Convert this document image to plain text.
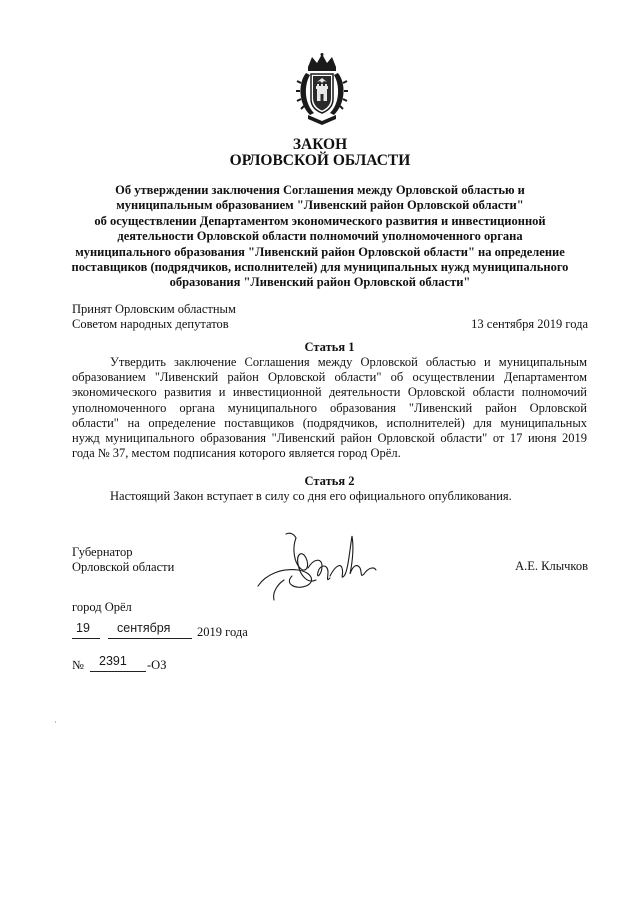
ЗАКОН
ОРЛОВСКОЙ ОБЛАСТИ
Об утверждении заключения Соглашения между Орловской областью и
муниципальным образованием "Ливенский район Орловской области"
об осуществлении Департаментом экономического развития и инвестиционной
деятельности Орловской области полномочий уполномоченного органа
муниципального образования "Ливенский район Орловской области" на определение
поставщиков (подрядчиков, исполнителей) для муниципальных нужд муниципального
образования "Ливенский район Орловской области"
Принят Орловским областным
Советом народных депутатов	13 сентября 2019 года
Статья 1
Утвердить заключение Соглашения между Орловской областью и муниципальным
образованием "Ливенский район Орловской области" об осуществлении Департаментом
экономического развития и инвестиционной деятельности Орловской области полномочий
уполномоченного органа муниципального образования "Ливенский район Орловской
области" на определение поставщиков (подрядчиков, исполнителей) для муниципальных
нужд муниципального образования "Ливенский район Орловской области" от 17 июня 2019
года № 37, местом подписания которого является город Орёл.
Статья 2
Настоящий Закон вступает в силу со дня его официального опубликования.
Губернатор
Орловской области	А.Е. Клычков
город Орёл
19 сентября 2019 года
№ 2391 -ОЗ
